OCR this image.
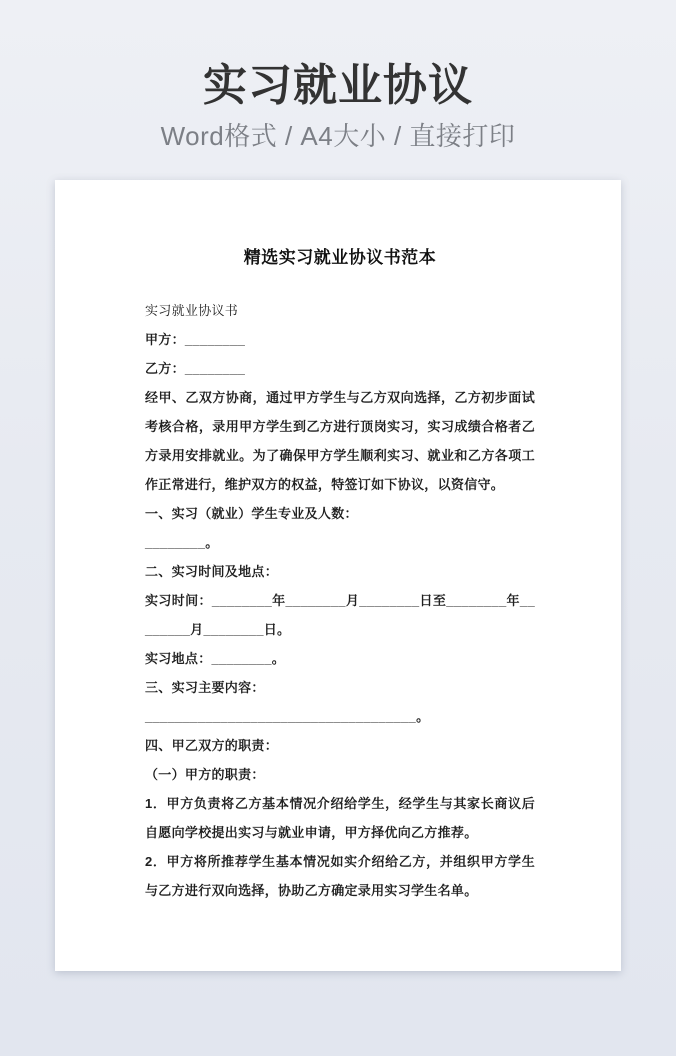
实习就业协议
Word格式 / A4大小 / 直接打印
精选实习就业协议书范本

实习就业协议书

甲方：________

乙方：________

经甲、乙双方协商，通过甲方学生与乙方双向选择，乙方初步面试考核合格，录用甲方学生到乙方进行顶岗实习，实习成绩合格者乙方录用安排就业。为了确保甲方学生顺利实习、就业和乙方各项工作正常进行，维护双方的权益，特签订如下协议，以资信守。

一、实习（就业）学生专业及人数：

________。

二、实习时间及地点：

实习时间：________年________月________日至________年________月________日。

实习地点：________。

三、实习主要内容：

____________________________________。

四、甲乙双方的职责：

（一）甲方的职责：

1．甲方负责将乙方基本情况介绍给学生，经学生与其家长商议后自愿向学校提出实习与就业申请，甲方择优向乙方推荐。

2．甲方将所推荐学生基本情况如实介绍给乙方，并组织甲方学生与乙方进行双向选择，协助乙方确定录用实习学生名单。
